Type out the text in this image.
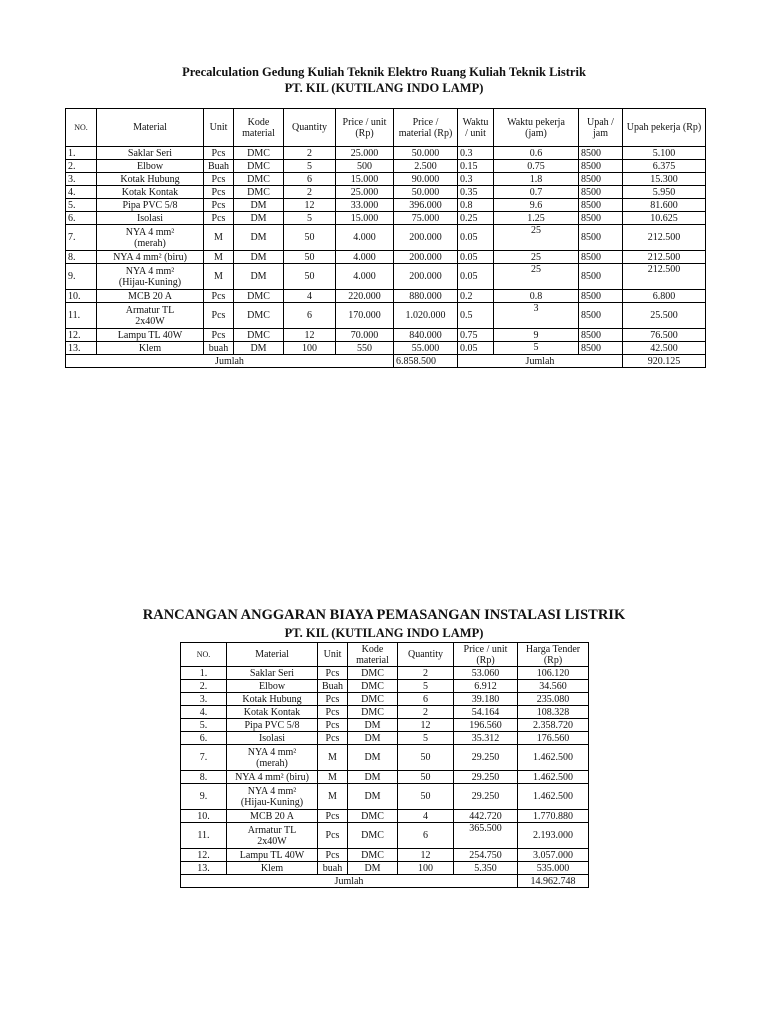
Precalculation Gedung Kuliah Teknik Elektro Ruang Kuliah Teknik Listrik
PT. KIL (KUTILANG INDO LAMP)
NO.	Material	Unit	Kode material	Quantity	Price / unit (Rp)	Price / material (Rp)	Waktu / unit	Waktu pekerja (jam)	Upah / jam	Upah pekerja (Rp)
1.	Saklar Seri	Pcs	DMC	2	25.000	50.000	0.3	0.6	8500	5.100
2.	Elbow	Buah	DMC	5	500	2.500	0.15	0.75	8500	6.375
3.	Kotak Hubung	Pcs	DMC	6	15.000	90.000	0.3	1.8	8500	15.300
4.	Kotak Kontak	Pcs	DMC	2	25.000	50.000	0.35	0.7	8500	5.950
5.	Pipa PVC 5/8	Pcs	DM	12	33.000	396.000	0.8	9.6	8500	81.600
6.	Isolasi	Pcs	DM	5	15.000	75.000	0.25	1.25	8500	10.625
7.	NYA 4 mm²
(merah)	M	DM	50	4.000	200.000	0.05	25	8500	212.500
8.	NYA 4 mm² (biru)	M	DM	50	4.000	200.000	0.05	25	8500	212.500
9.	NYA 4 mm²
(Hijau-Kuning)	M	DM	50	4.000	200.000	0.05	25	8500	212.500
10.	MCB 20 A	Pcs	DMC	4	220.000	880.000	0.2	0.8	8500	6.800
11.	Armatur TL
2x40W	Pcs	DMC	6	170.000	1.020.000	0.5	3	8500	25.500
12.	Lampu TL 40W	Pcs	DMC	12	70.000	840.000	0.75	9	8500	76.500
13.	Klem	buah	DM	100	550	55.000	0.05	5	8500	42.500
Jumlah						6.858.500	Jumlah			920.125
RANCANGAN ANGGARAN BIAYA PEMASANGAN INSTALASI LISTRIK
PT. KIL (KUTILANG INDO LAMP)
NO.	Material	Unit	Kode material	Quantity	Price / unit (Rp)	Harga Tender (Rp)
1.	Saklar Seri	Pcs	DMC	2	53.060	106.120
2.	Elbow	Buah	DMC	5	6.912	34.560
3.	Kotak Hubung	Pcs	DMC	6	39.180	235.080
4.	Kotak Kontak	Pcs	DMC	2	54.164	108.328
5.	Pipa PVC 5/8	Pcs	DM	12	196.560	2.358.720
6.	Isolasi	Pcs	DM	5	35.312	176.560
7.	NYA 4 mm²
(merah)	M	DM	50	29.250	1.462.500
8.	NYA 4 mm² (biru)	M	DM	50	29.250	1.462.500
9.	NYA 4 mm²
(Hijau-Kuning)	M	DM	50	29.250	1.462.500
10.	MCB 20 A	Pcs	DMC	4	442.720	1.770.880
11.	Armatur TL
2x40W	Pcs	DMC	6	365.500	2.193.000
12.	Lampu TL 40W	Pcs	DMC	12	254.750	3.057.000
13.	Klem	buah	DM	100	5.350	535.000
Jumlah						14.962.748
